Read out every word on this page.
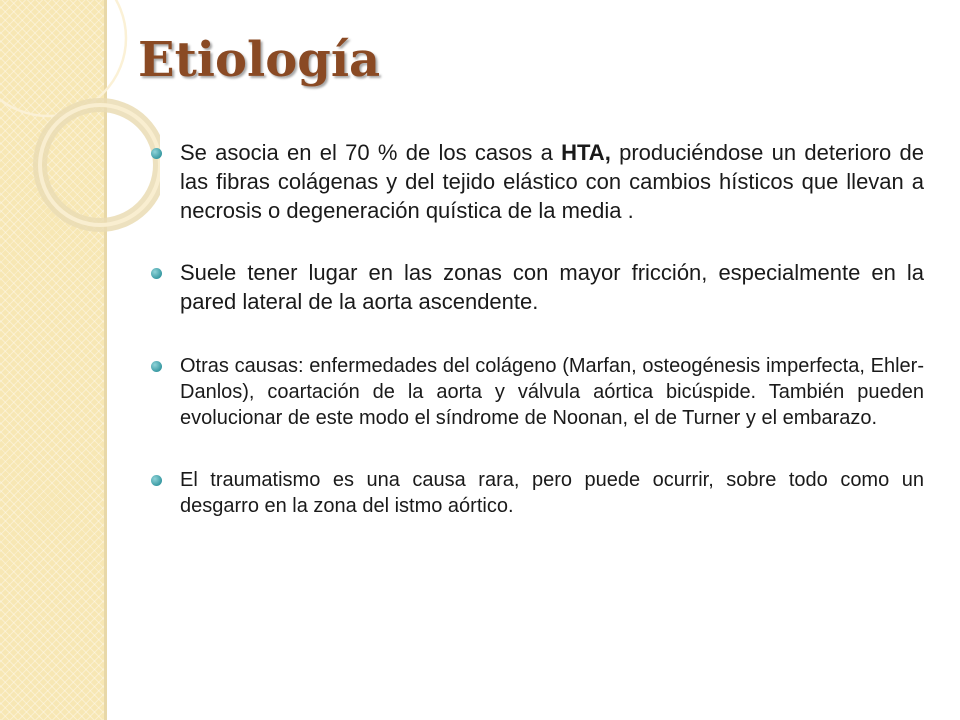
Etiología
Se asocia en el 70 % de los casos a HTA, produciéndose un deterioro de las fibras colágenas y del tejido elástico con cambios hísticos que llevan a necrosis o degeneración quística de la media .
Suele tener lugar en las zonas con mayor fricción, especialmente en la pared lateral de la aorta ascendente.
Otras causas: enfermedades del colágeno (Marfan, osteogénesis imperfecta, Ehler-Danlos), coartación de la aorta y válvula aórtica bicúspide. También pueden evolucionar de este modo el síndrome de Noonan, el de Turner y el embarazo.
El traumatismo es una causa rara, pero puede ocurrir, sobre todo como un desgarro en la zona del istmo aórtico.
